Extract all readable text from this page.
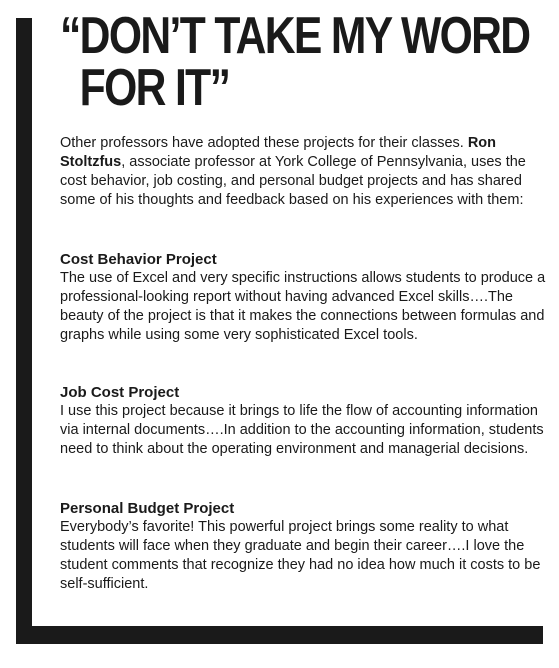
“DON’T TAKE MY WORD
FOR IT”

Other professors have adopted these projects for their classes. Ron Stoltzfus, associate professor at York College of Pennsylvania, uses the cost behavior, job costing, and personal budget projects and has shared some of his thoughts and feedback based on his experiences with them:

Cost Behavior Project

The use of Excel and very specific instructions allows students to produce a professional-looking report without having advanced Excel skills….The beauty of the project is that it makes the connections between formulas and graphs while using some very sophisticated Excel tools.

Job Cost Project

I use this project because it brings to life the flow of accounting information via internal documents….In addition to the accounting information, students need to think about the operating environment and managerial decisions.

Personal Budget Project

Everybody’s favorite! This powerful project brings some reality to what students will face when they graduate and begin their career….I love the student comments that recognize they had no idea how much it costs to be self-sufficient.
